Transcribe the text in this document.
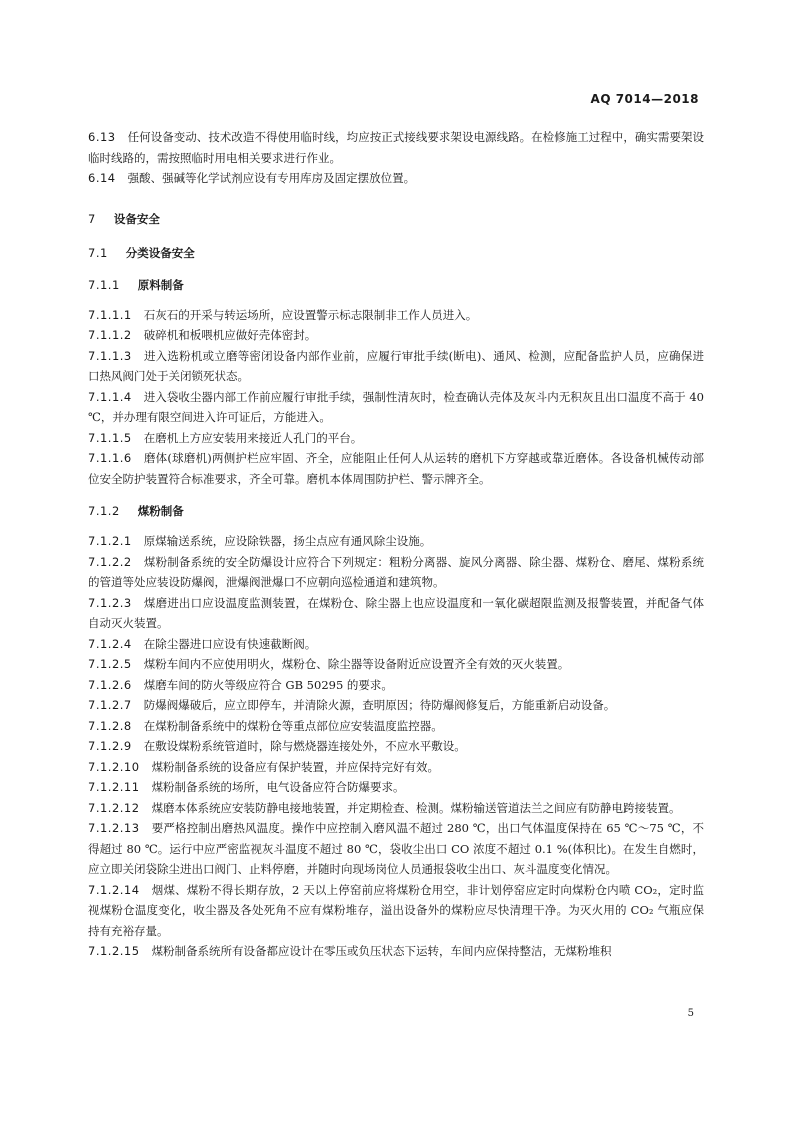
AQ 7014—2018
6.13 任何设备变动、技术改造不得使用临时线，均应按正式接线要求架设电源线路。在检修施工过程中，确实需要架设临时线路的，需按照临时用电相关要求进行作业。
6.14 强酸、强碱等化学试剂应设有专用库房及固定摆放位置。
7 设备安全
7.1 分类设备安全
7.1.1 原料制备
7.1.1.1 石灰石的开采与转运场所，应设置警示标志限制非工作人员进入。
7.1.1.2 破碎机和板喂机应做好壳体密封。
7.1.1.3 进入选粉机或立磨等密闭设备内部作业前，应履行审批手续(断电)、通风、检测，应配备监护人员，应确保进口热风阀门处于关闭锁死状态。
7.1.1.4 进入袋收尘器内部工作前应履行审批手续，强制性清灰时，检查确认壳体及灰斗内无积灰且出口温度不高于 40 ℃，并办理有限空间进入许可证后，方能进入。
7.1.1.5 在磨机上方应安装用来接近人孔门的平台。
7.1.1.6 磨体(球磨机)两侧护栏应牢固、齐全，应能阻止任何人从运转的磨机下方穿越或靠近磨体。各设备机械传动部位安全防护装置符合标准要求，齐全可靠。磨机本体周围防护栏、警示牌齐全。
7.1.2 煤粉制备
7.1.2.1 原煤输送系统，应设除铁器，扬尘点应有通风除尘设施。
7.1.2.2 煤粉制备系统的安全防爆设计应符合下列规定：粗粉分离器、旋风分离器、除尘器、煤粉仓、磨尾、煤粉系统的管道等处应装设防爆阀，泄爆阀泄爆口不应朝向巡检通道和建筑物。
7.1.2.3 煤磨进出口应设温度监测装置，在煤粉仓、除尘器上也应设温度和一氧化碳超限监测及报警装置，并配备气体自动灭火装置。
7.1.2.4 在除尘器进口应设有快速截断阀。
7.1.2.5 煤粉车间内不应使用明火，煤粉仓、除尘器等设备附近应设置齐全有效的灭火装置。
7.1.2.6 煤磨车间的防火等级应符合 GB 50295 的要求。
7.1.2.7 防爆阀爆破后，应立即停车，并清除火源，查明原因；待防爆阀修复后，方能重新启动设备。
7.1.2.8 在煤粉制备系统中的煤粉仓等重点部位应安装温度监控器。
7.1.2.9 在敷设煤粉系统管道时，除与燃烧器连接处外，不应水平敷设。
7.1.2.10 煤粉制备系统的设备应有保护装置，并应保持完好有效。
7.1.2.11 煤粉制备系统的场所，电气设备应符合防爆要求。
7.1.2.12 煤磨本体系统应安装防静电接地装置，并定期检查、检测。煤粉输送管道法兰之间应有防静电跨接装置。
7.1.2.13 要严格控制出磨热风温度。操作中应控制入磨风温不超过 280 ℃，出口气体温度保持在 65 ℃～75 ℃，不得超过 80 ℃。运行中应严密监视灰斗温度不超过 80 ℃，袋收尘出口 CO 浓度不超过 0.1 %(体积比)。在发生自燃时，应立即关闭袋除尘进出口阀门、止料停磨，并随时向现场岗位人员通报袋收尘出口、灰斗温度变化情况。
7.1.2.14 烟煤、煤粉不得长期存放，2 天以上停窑前应将煤粉仓用空，非计划停窑应定时向煤粉仓内喷 CO₂，定时监视煤粉仓温度变化，收尘器及各处死角不应有煤粉堆存，溢出设备外的煤粉应尽快清理干净。为灭火用的 CO₂ 气瓶应保持有充裕存量。
7.1.2.15 煤粉制备系统所有设备都应设计在零压或负压状态下运转，车间内应保持整洁，无煤粉堆积
5
